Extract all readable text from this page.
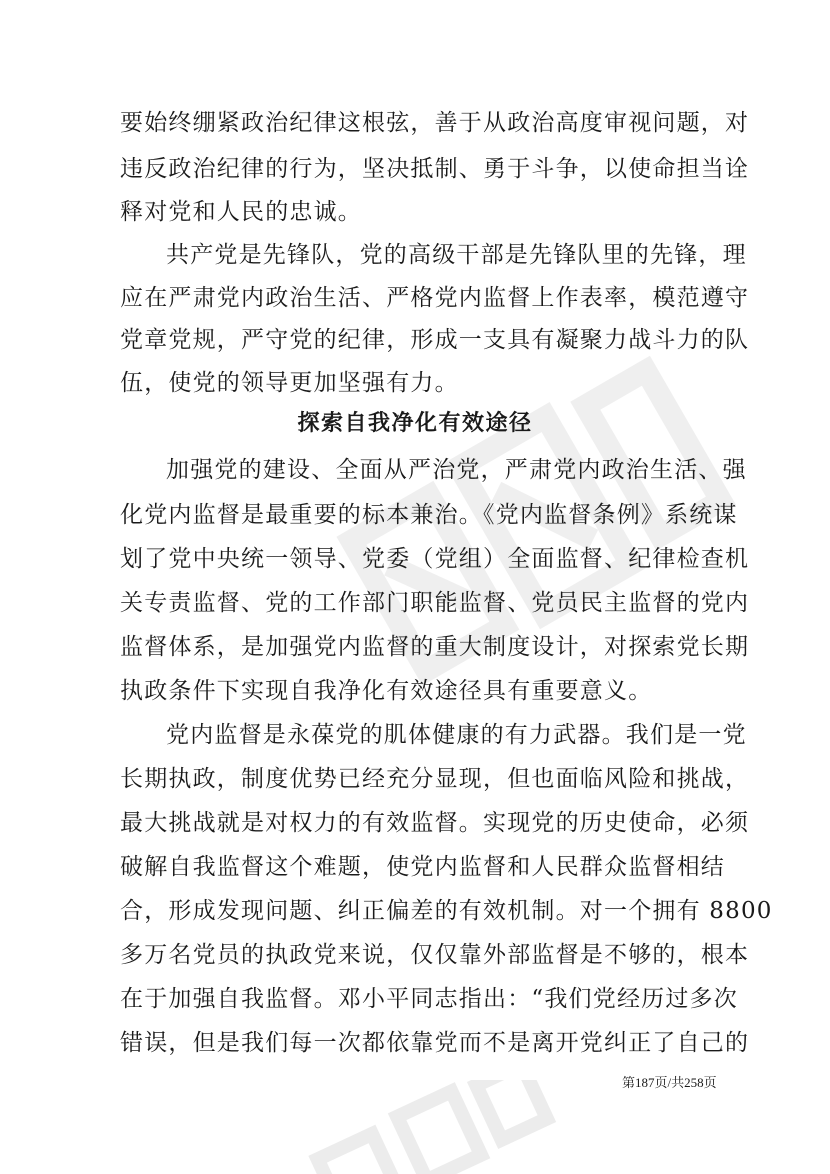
要始终绷紧政治纪律这根弦，善于从政治高度审视问题，对
违反政治纪律的行为，坚决抵制、勇于斗争，以使命担当诠
释对党和人民的忠诚。
共产党是先锋队，党的高级干部是先锋队里的先锋，理
应在严肃党内政治生活、严格党内监督上作表率，模范遵守
党章党规，严守党的纪律，形成一支具有凝聚力战斗力的队
伍，使党的领导更加坚强有力。
探索自我净化有效途径
加强党的建设、全面从严治党，严肃党内政治生活、强
化党内监督是最重要的标本兼治。《党内监督条例》系统谋
划了党中央统一领导、党委（党组）全面监督、纪律检查机
关专责监督、党的工作部门职能监督、党员民主监督的党内
监督体系，是加强党内监督的重大制度设计，对探索党长期
执政条件下实现自我净化有效途径具有重要意义。
党内监督是永葆党的肌体健康的有力武器。我们是一党
长期执政，制度优势已经充分显现，但也面临风险和挑战，
最大挑战就是对权力的有效监督。实现党的历史使命，必须
破解自我监督这个难题，使党内监督和人民群众监督相结
合，形成发现问题、纠正偏差的有效机制。对一个拥有 8800
多万名党员的执政党来说，仅仅靠外部监督是不够的，根本
在于加强自我监督。邓小平同志指出：“我们党经历过多次
错误，但是我们每一次都依靠党而不是离开党纠正了自己的
第187页/共258页
